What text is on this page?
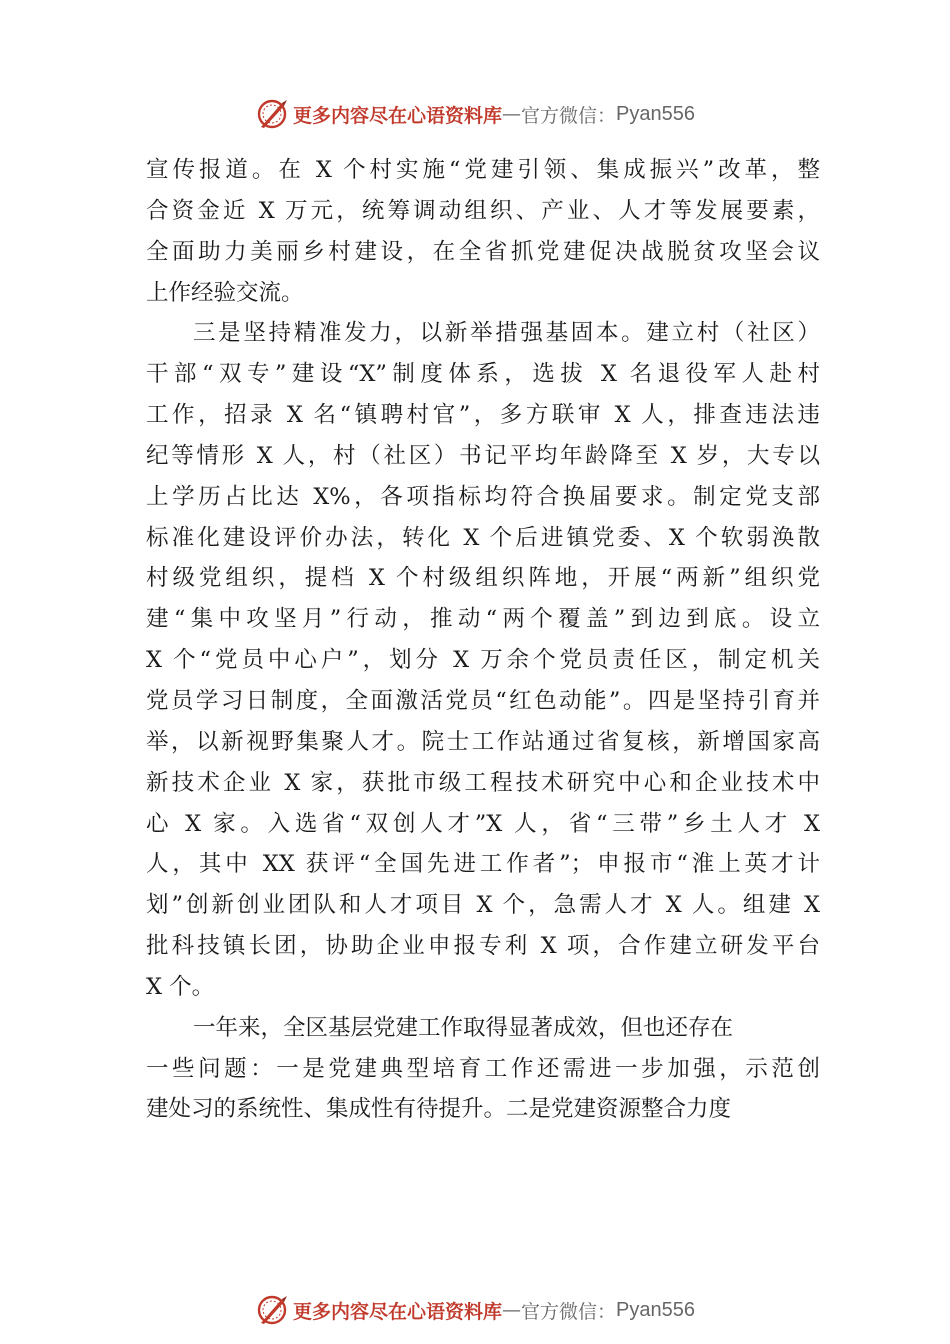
更多内容尽在心语资料库 — 官方微信： Pyan556
宣传报道。在 X 个村实施“党建引领、集成振兴”改革，整
合资金近 X 万元，统筹调动组织、产业、人才等发展要素，
全面助力美丽乡村建设，在全省抓党建促决战脱贫攻坚会议
上作经验交流。
三是坚持精准发力，以新举措强基固本。建立村（社区）
干部“双专”建设“X”制度体系，选拔 X 名退役军人赴村
工作，招录 X 名“镇聘村官”，多方联审 X 人，排查违法违
纪等情形 X 人，村（社区）书记平均年龄降至 X 岁，大专以
上学历占比达 X%，各项指标均符合换届要求。制定党支部
标准化建设评价办法，转化 X 个后进镇党委、X 个软弱涣散
村级党组织，提档 X 个村级组织阵地，开展“两新”组织党
建“集中攻坚月”行动，推动“两个覆盖”到边到底。设立
X 个“党员中心户”，划分 X 万余个党员责任区，制定机关
党员学习日制度，全面激活党员“红色动能”。四是坚持引育并
举，以新视野集聚人才。院士工作站通过省复核，新增国家高
新技术企业 X 家，获批市级工程技术研究中心和企业技术中
心 X 家。入选省“双创人才”X 人，省“三带”乡土人才 X
人，其中 XX 获评“全国先进工作者”；申报市“淮上英才计
划”创新创业团队和人才项目 X 个，急需人才 X 人。组建 X
批科技镇长团，协助企业申报专利 X 项，合作建立研发平台
X 个。
一年来，全区基层党建工作取得显著成效，但也还存在
一些问题：一是党建典型培育工作还需进一步加强，示范创
建处习的系统性、集成性有待提升。二是党建资源整合力度
更多内容尽在心语资料库 — 官方微信： Pyan556
